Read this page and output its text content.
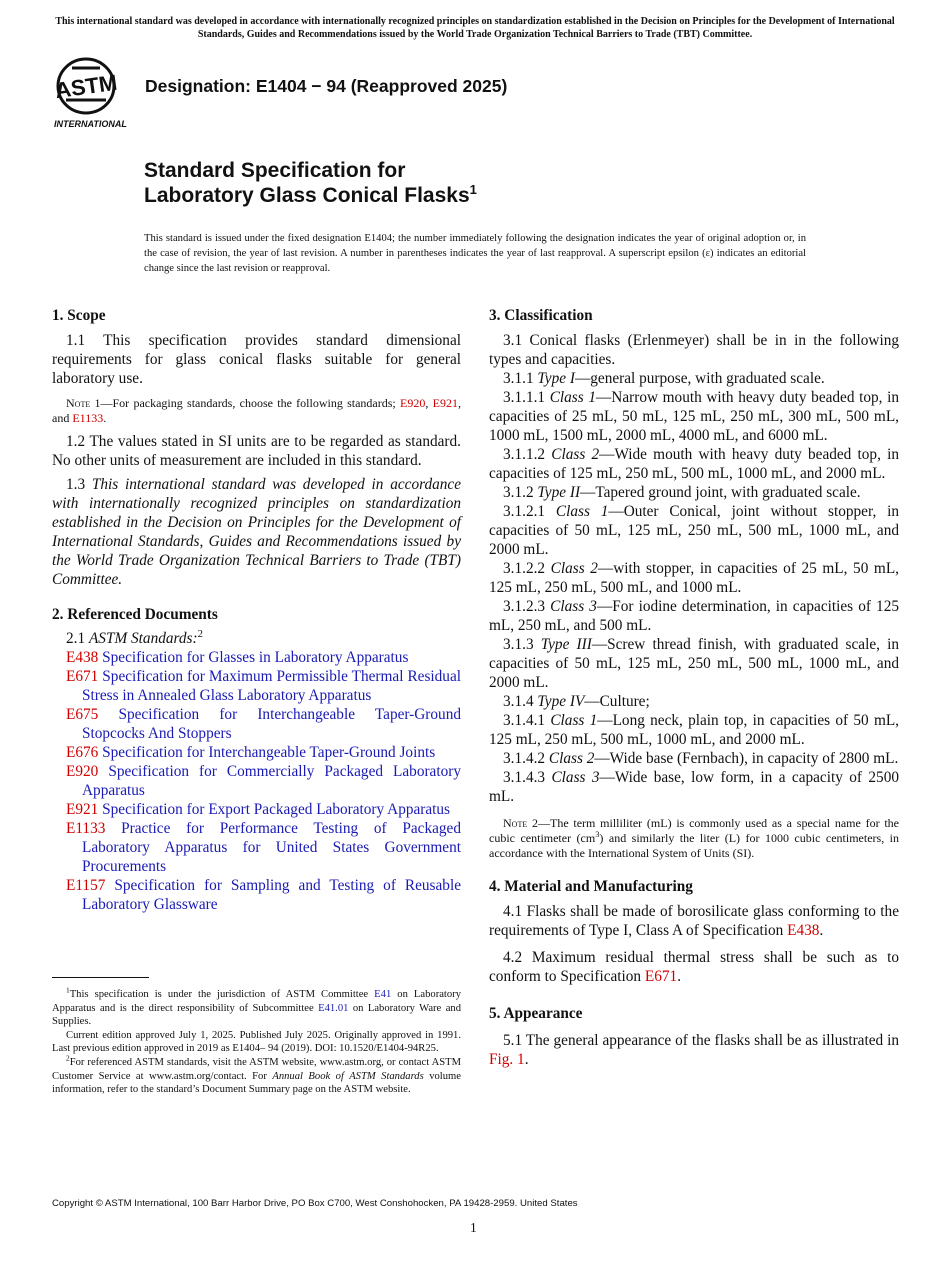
This international standard was developed in accordance with internationally recognized principles on standardization established in the Decision on Principles for the Development of International Standards, Guides and Recommendations issued by the World Trade Organization Technical Barriers to Trade (TBT) Committee.
ASTM
INTERNATIONAL
Designation: E1404 − 94 (Reapproved 2025)
Standard Specification for
Laboratory Glass Conical Flasks$^1$
This standard is issued under the fixed designation E1404; the number immediately following the designation indicates the year of original adoption or, in the case of revision, the year of last revision. A number in parentheses indicates the year of last reapproval. A superscript epsilon (ε) indicates an editorial change since the last revision or reapproval.
1. Scope

1.1 This specification provides standard dimensional requirements for glass conical flasks suitable for general laboratory use.

Note 1—For packaging standards, choose the following standards; E920, E921, and E1133.

1.2 The values stated in SI units are to be regarded as standard. No other units of measurement are included in this standard.

1.3 This international standard was developed in accordance with internationally recognized principles on standardization established in the Decision on Principles for the Development of International Standards, Guides and Recommendations issued by the World Trade Organization Technical Barriers to Trade (TBT) Committee.

2. Referenced Documents

2.1 ASTM Standards:$^2$

E438 Specification for Glasses in Laboratory Apparatus

E671 Specification for Maximum Permissible Thermal Residual Stress in Annealed Glass Laboratory Apparatus

E675 Specification for Interchangeable Taper-Ground Stopcocks And Stoppers

E676 Specification for Interchangeable Taper-Ground Joints

E920 Specification for Commercially Packaged Laboratory Apparatus

E921 Specification for Export Packaged Laboratory Apparatus

E1133 Practice for Performance Testing of Packaged Laboratory Apparatus for United States Government Procurements

E1157 Specification for Sampling and Testing of Reusable Laboratory Glassware

$^1$This specification is under the jurisdiction of ASTM Committee E41 on Laboratory Apparatus and is the direct responsibility of Subcommittee E41.01 on Laboratory Ware and Supplies.

Current edition approved July 1, 2025. Published July 2025. Originally approved in 1991. Last previous edition approved in 2019 as E1404– 94 (2019). DOI: 10.1520/E1404-94R25.

$^2$For referenced ASTM standards, visit the ASTM website, www.astm.org, or contact ASTM Customer Service at www.astm.org/contact. For Annual Book of ASTM Standards volume information, refer to the standard’s Document Summary page on the ASTM website.

3. Classification

3.1 Conical flasks (Erlenmeyer) shall be in in the following types and capacities.

3.1.1 Type I—general purpose, with graduated scale.

3.1.1.1 Class 1—Narrow mouth with heavy duty beaded top, in capacities of 25 mL, 50 mL, 125 mL, 250 mL, 300 mL, 500 mL, 1000 mL, 1500 mL, 2000 mL, 4000 mL, and 6000 mL.

3.1.1.2 Class 2—Wide mouth with heavy duty beaded top, in capacities of 125 mL, 250 mL, 500 mL, 1000 mL, and 2000 mL.

3.1.2 Type II—Tapered ground joint, with graduated scale.

3.1.2.1 Class 1—Outer Conical, joint without stopper, in capacities of 50 mL, 125 mL, 250 mL, 500 mL, 1000 mL, and 2000 mL.

3.1.2.2 Class 2—with stopper, in capacities of 25 mL, 50 mL, 125 mL, 250 mL, 500 mL, and 1000 mL.

3.1.2.3 Class 3—For iodine determination, in capacities of 125 mL, 250 mL, and 500 mL.

3.1.3 Type III—Screw thread finish, with graduated scale, in capacities of 50 mL, 125 mL, 250 mL, 500 mL, 1000 mL, and 2000 mL.

3.1.4 Type IV—Culture;

3.1.4.1 Class 1—Long neck, plain top, in capacities of 50 mL, 125 mL, 250 mL, 500 mL, 1000 mL, and 2000 mL.

3.1.4.2 Class 2—Wide base (Fernbach), in capacity of 2800 mL.

3.1.4.3 Class 3—Wide base, low form, in a capacity of 2500 mL.

Note 2—The term milliliter (mL) is commonly used as a special name for the cubic centimeter $(cm^3)$ and similarly the liter (L) for 1000 cubic centimeters, in accordance with the International System of Units (SI).

4. Material and Manufacturing

4.1 Flasks shall be made of borosilicate glass conforming to the requirements of Type I, Class A of Specification E438.

4.2 Maximum residual thermal stress shall be such as to conform to Specification E671.

5. Appearance

5.1 The general appearance of the flasks shall be as illustrated in Fig. 1.

Copyright © ASTM International, 100 Barr Harbor Drive, PO Box C700, West Conshohocken, PA 19428-2959. United States
1
